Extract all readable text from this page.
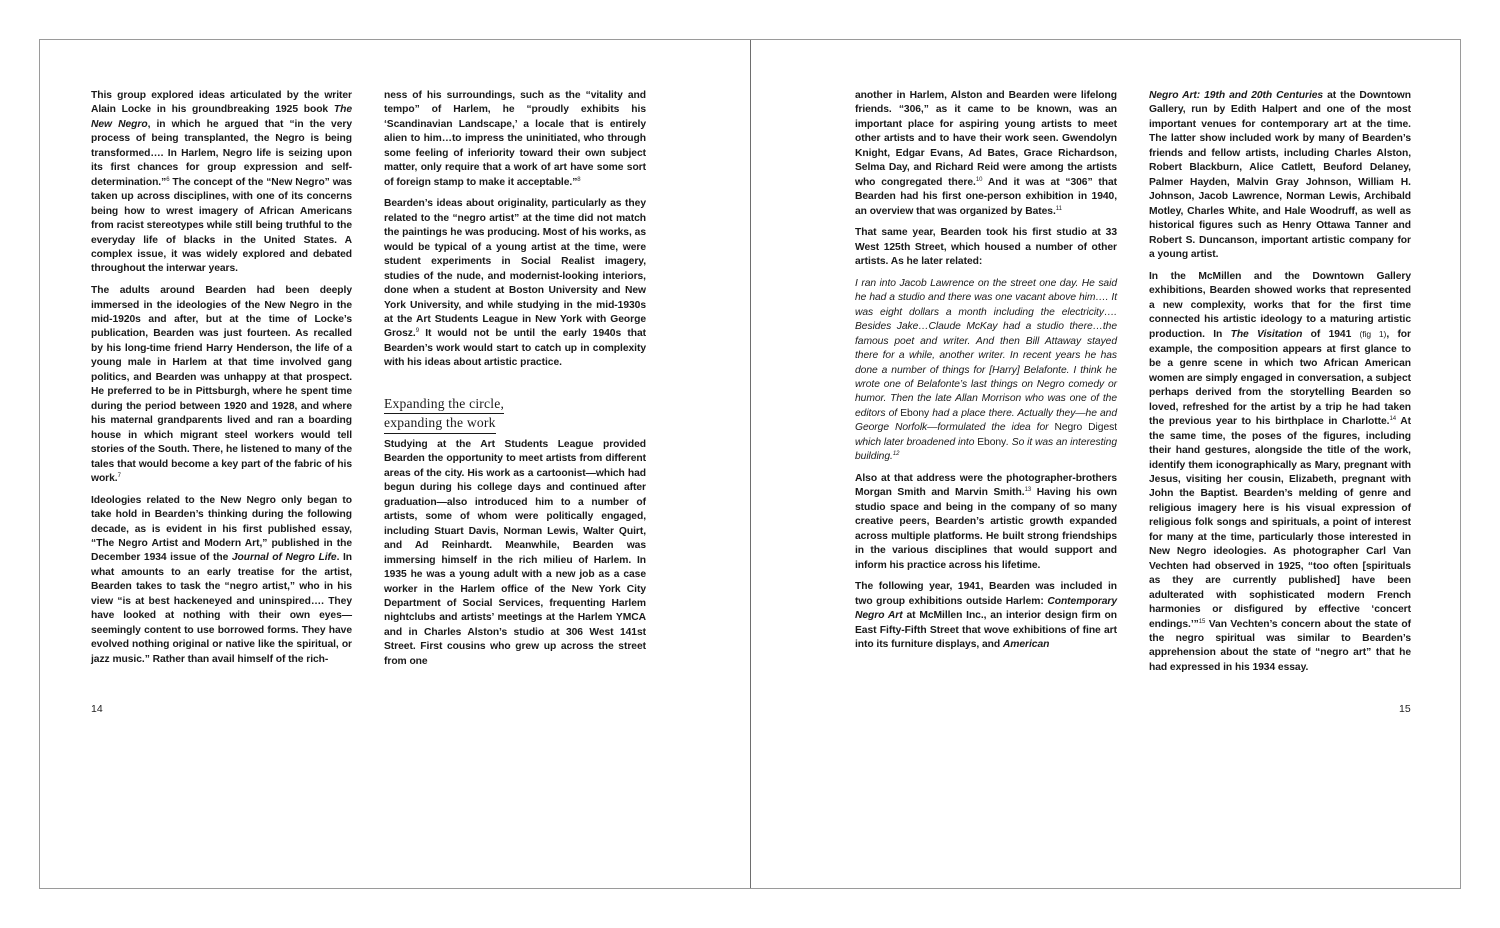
This group explored ideas articulated by the writer Alain Locke in his groundbreaking 1925 book The New Negro, in which he argued that “in the very process of being transplanted, the Negro is being transformed…. In Harlem, Negro life is seizing upon its first chances for group expression and self-determination.”$^6$ The concept of the “New Negro” was taken up across disciplines, with one of its concerns being how to wrest imagery of African Americans from racist stereotypes while still being truthful to the everyday life of blacks in the United States. A complex issue, it was widely explored and debated throughout the interwar years.

The adults around Bearden had been deeply immersed in the ideologies of the New Negro in the mid-1920s and after, but at the time of Locke’s publication, Bearden was just fourteen. As recalled by his long-time friend Harry Henderson, the life of a young male in Harlem at that time involved gang politics, and Bearden was unhappy at that prospect. He preferred to be in Pittsburgh, where he spent time during the period between 1920 and 1928, and where his maternal grandparents lived and ran a boarding house in which migrant steel workers would tell stories of the South. There, he listened to many of the tales that would become a key part of the fabric of his work.$^7$

Ideologies related to the New Negro only began to take hold in Bearden’s thinking during the following decade, as is evident in his first published essay, “The Negro Artist and Modern Art,” published in the December 1934 issue of the Journal of Negro Life. In what amounts to an early treatise for the artist, Bearden takes to task the “negro artist,” who in his view “is at best hackeneyed and uninspired…. They have looked at nothing with their own eyes—seemingly content to use borrowed forms. They have evolved nothing original or native like the spiritual, or jazz music.” Rather than avail himself of the rich-

ness of his surroundings, such as the “vitality and tempo” of Harlem, he “proudly exhibits his ‘Scandinavian Landscape,’ a locale that is entirely alien to him…to impress the uninitiated, who through some feeling of inferiority toward their own subject matter, only require that a work of art have some sort of foreign stamp to make it acceptable.”$^8$

Bearden’s ideas about originality, particularly as they related to the “negro artist” at the time did not match the paintings he was producing. Most of his works, as would be typical of a young artist at the time, were student experiments in Social Realist imagery, studies of the nude, and modernist-looking interiors, done when a student at Boston University and New York University, and while studying in the mid-1930s at the Art Students League in New York with George Grosz.$^9$ It would not be until the early 1940s that Bearden’s work would start to catch up in complexity with his ideas about artistic practice.

Expanding the circle,
expanding the work

Studying at the Art Students League provided Bearden the opportunity to meet artists from different areas of the city. His work as a cartoonist—which had begun during his college days and continued after graduation—also introduced him to a number of artists, some of whom were politically engaged, including Stuart Davis, Norman Lewis, Walter Quirt, and Ad Reinhardt. Meanwhile, Bearden was immersing himself in the rich milieu of Harlem. In 1935 he was a young adult with a new job as a case worker in the Harlem office of the New York City Department of Social Services, frequenting Harlem nightclubs and artists’ meetings at the Harlem YMCA and in Charles Alston’s studio at 306 West 141st Street. First cousins who grew up across the street from one

14

another in Harlem, Alston and Bearden were lifelong friends. “306,” as it came to be known, was an important place for aspiring young artists to meet other artists and to have their work seen. Gwendolyn Knight, Edgar Evans, Ad Bates, Grace Richardson, Selma Day, and Richard Reid were among the artists who congregated there.$^{10}$ And it was at “306” that Bearden had his first one-person exhibition in 1940, an overview that was organized by Bates.$^{11}$

That same year, Bearden took his first studio at 33 West 125th Street, which housed a number of other artists. As he later related:

I ran into Jacob Lawrence on the street one day. He said he had a studio and there was one vacant above him…. It was eight dollars a month including the electricity…. Besides Jake…Claude McKay had a studio there…the famous poet and writer. And then Bill Attaway stayed there for a while, another writer. In recent years he has done a number of things for [Harry] Belafonte. I think he wrote one of Belafonte’s last things on Negro comedy or humor. Then the late Allan Morrison who was one of the editors of Ebony had a place there. Actually they—he and George Norfolk—formulated the idea for Negro Digest which later broadened into Ebony. So it was an interesting building.$^{12}$

Also at that address were the photographer-brothers Morgan Smith and Marvin Smith.$^{13}$ Having his own studio space and being in the company of so many creative peers, Bearden’s artistic growth expanded across multiple platforms. He built strong friendships in the various disciplines that would support and inform his practice across his lifetime.

The following year, 1941, Bearden was included in two group exhibitions outside Harlem: Contemporary Negro Art at McMillen Inc., an interior design firm on East Fifty-Fifth Street that wove exhibitions of fine art into its furniture displays, and American

Negro Art: 19th and 20th Centuries at the Downtown Gallery, run by Edith Halpert and one of the most important venues for contemporary art at the time. The latter show included work by many of Bearden’s friends and fellow artists, including Charles Alston, Robert Blackburn, Alice Catlett, Beuford Delaney, Palmer Hayden, Malvin Gray Johnson, William H. Johnson, Jacob Lawrence, Norman Lewis, Archibald Motley, Charles White, and Hale Woodruff, as well as historical figures such as Henry Ottawa Tanner and Robert S. Duncanson, important artistic company for a young artist.

In the McMillen and the Downtown Gallery exhibitions, Bearden showed works that represented a new complexity, works that for the first time connected his artistic ideology to a maturing artistic production. In The Visitation of 1941 (fig 1), for example, the composition appears at first glance to be a genre scene in which two African American women are simply engaged in conversation, a subject perhaps derived from the storytelling Bearden so loved, refreshed for the artist by a trip he had taken the previous year to his birthplace in Charlotte.$^{14}$ At the same time, the poses of the figures, including their hand gestures, alongside the title of the work, identify them iconographically as Mary, pregnant with Jesus, visiting her cousin, Elizabeth, pregnant with John the Baptist. Bearden’s melding of genre and religious imagery here is his visual expression of religious folk songs and spirituals, a point of interest for many at the time, particularly those interested in New Negro ideologies. As photographer Carl Van Vechten had observed in 1925, “too often [spirituals as they are currently published] have been adulterated with sophisticated modern French harmonies or disfigured by effective ‘concert endings.’”$^{15}$ Van Vechten’s concern about the state of the negro spiritual was similar to Bearden’s apprehension about the state of “negro art” that he had expressed in his 1934 essay.

15
